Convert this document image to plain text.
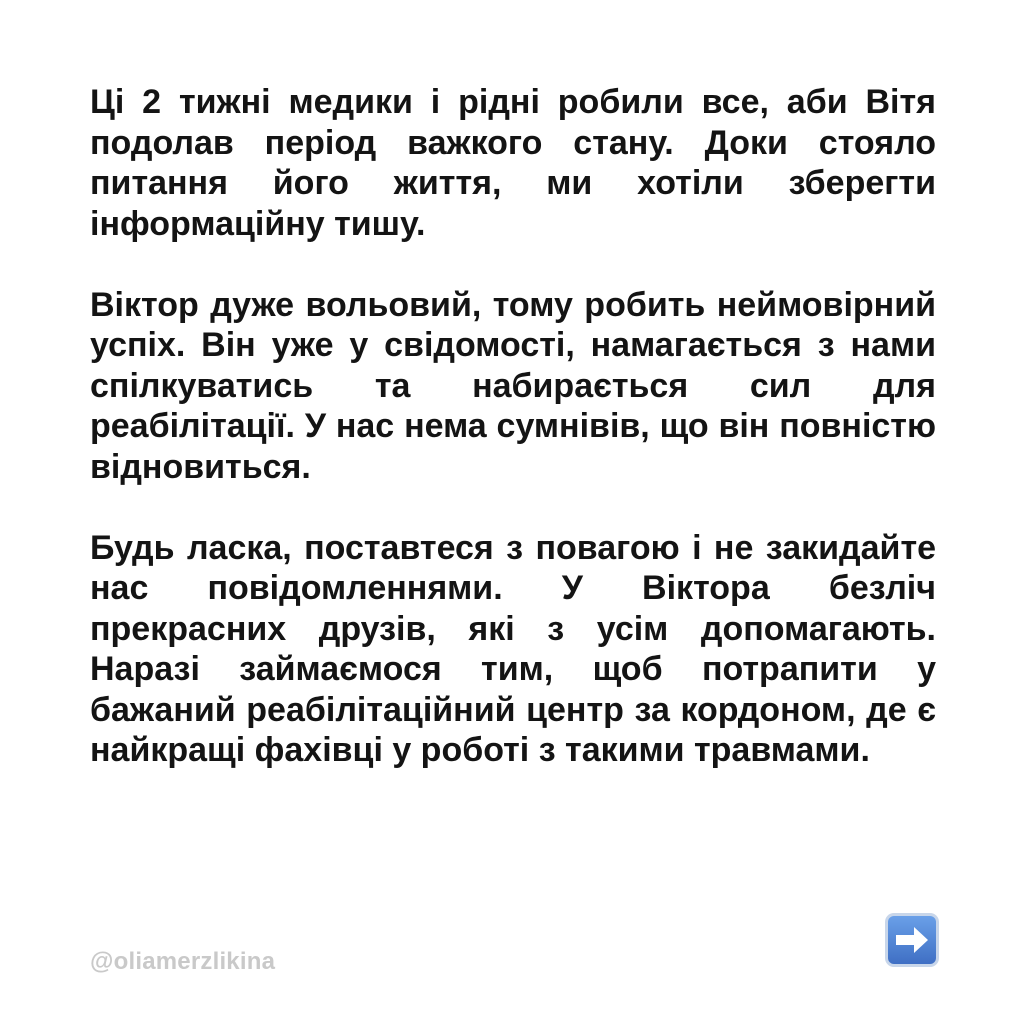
Ці 2 тижні медики і рідні робили все, аби Вітя подолав період важкого стану. Доки стояло питання його життя, ми хотіли зберегти інформаційну тишу.

Віктор дуже вольовий, тому робить неймовірний успіх. Він уже у свідомості, намагається з нами спілкуватись та набирається сил для реабілітації. У нас нема сумнівів, що він повністю відновиться.

Будь ласка, поставтеся з повагою і не закидайте нас повідомленнями. У Віктора безліч прекрасних друзів, які з усім допомагають. Наразі займаємося тим, щоб потрапити у бажаний реабілітаційний центр за кордоном, де є найкращі фахівці у роботі з такими травмами.

@oliamerzlikina
